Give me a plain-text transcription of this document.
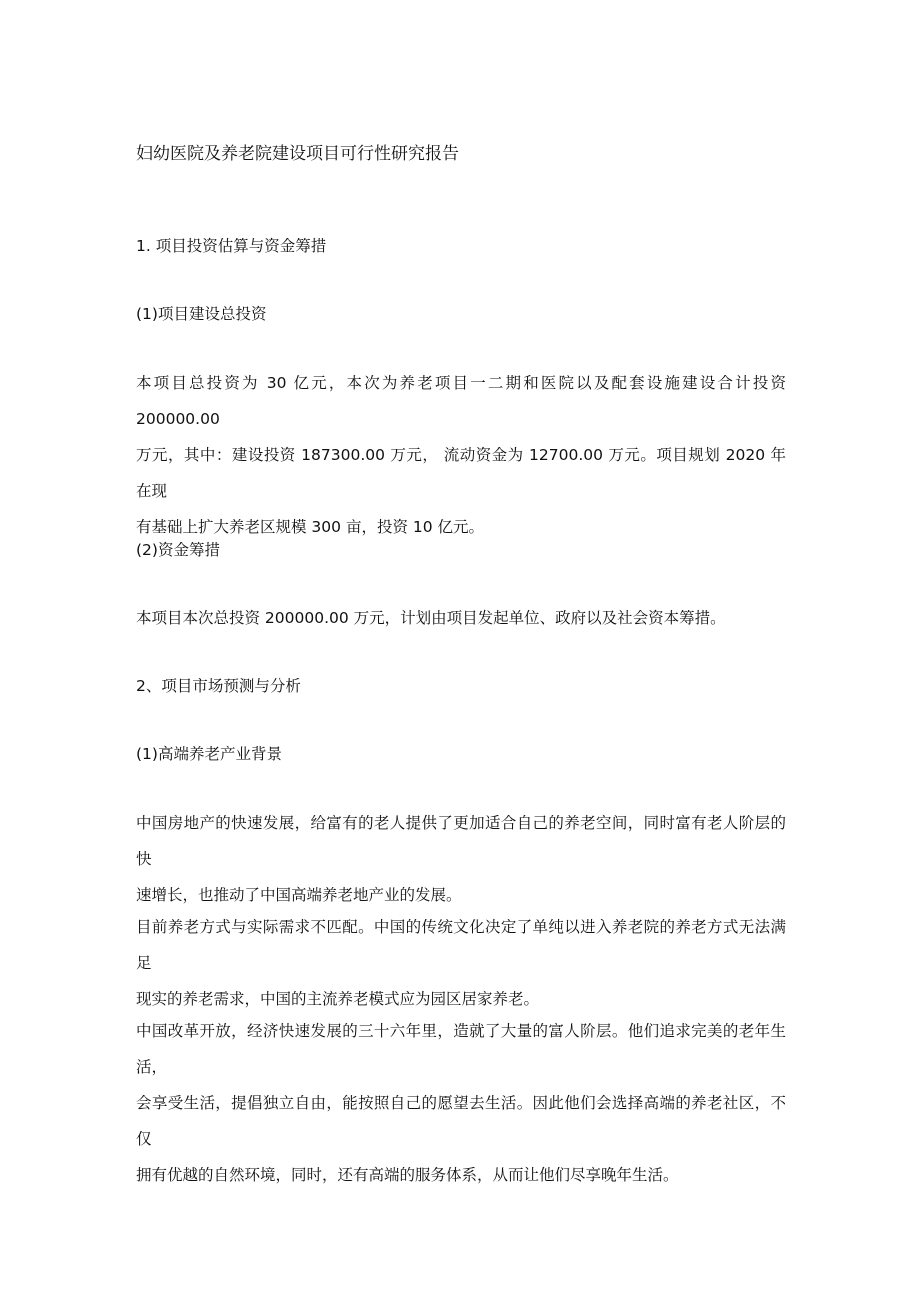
妇幼医院及养老院建设项目可行性研究报告
1. 项目投资估算与资金筹措
(1)项目建设总投资
本项目总投资为 30 亿元，本次为养老项目一二期和医院以及配套设施建设合计投资 200000.00
万元，其中：建设投资 187300.00 万元， 流动资金为 12700.00 万元。项目规划 2020 年在现
有基础上扩大养老区规模 300 亩，投资 10 亿元。
(2)资金筹措
本项目本次总投资 200000.00 万元，计划由项目发起单位、政府以及社会资本筹措。
2、项目市场预测与分析
(1)高端养老产业背景
中国房地产的快速发展，给富有的老人提供了更加适合自己的养老空间，同时富有老人阶层的快
速增长，也推动了中国高端养老地产业的发展。
目前养老方式与实际需求不匹配。中国的传统文化决定了单纯以进入养老院的养老方式无法满足
现实的养老需求，中国的主流养老模式应为园区居家养老。
中国改革开放，经济快速发展的三十六年里，造就了大量的富人阶层。他们追求完美的老年生活，
会享受生活，提倡独立自由，能按照自己的愿望去生活。因此他们会选择高端的养老社区，不仅
拥有优越的自然环境，同时，还有高端的服务体系，从而让他们尽享晚年生活。
